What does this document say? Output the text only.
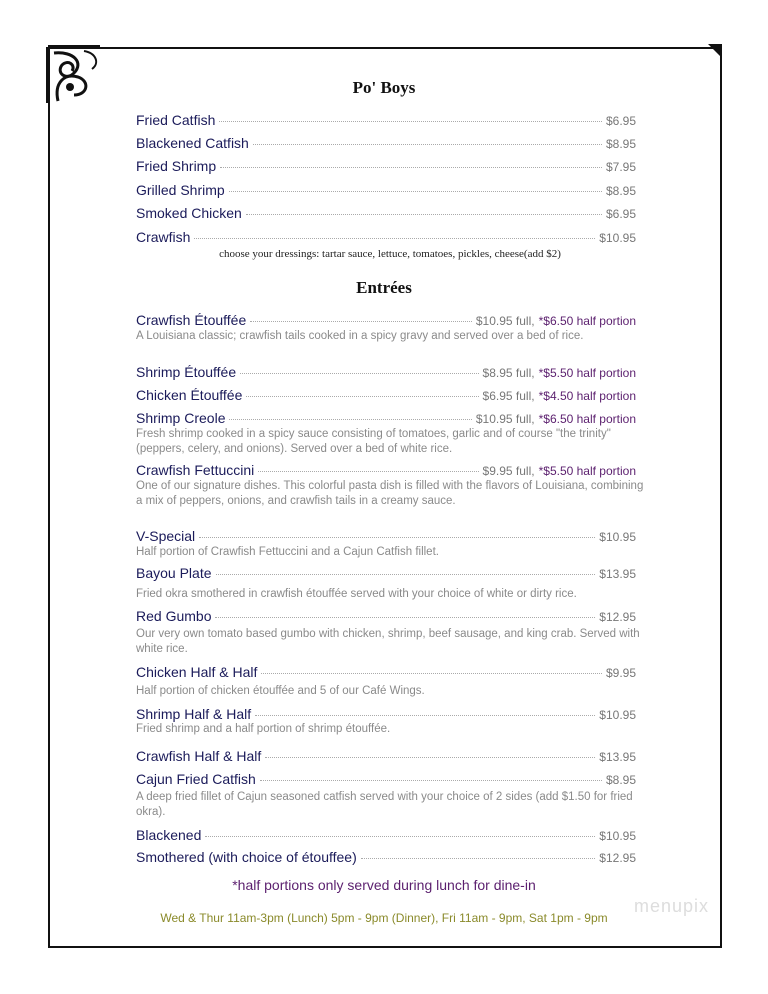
Po' Boys
Fried Catfish	$6.95
Blackened Catfish	$8.95
Fried Shrimp	$7.95
Grilled Shrimp	$8.95
Smoked Chicken	$6.95
Crawfish	$10.95
choose your dressings: tartar sauce, lettuce, tomatoes, pickles, cheese(add $2)
Entrées
Crawfish Étouffée	$10.95 full, *$6.50 half portion
A Louisiana classic; crawfish tails cooked in a spicy gravy and served over a bed of rice.
Shrimp Étouffée	$8.95 full, *$5.50 half portion
Chicken Étouffée	$6.95 full, *$4.50 half portion
Shrimp Creole	$10.95 full, *$6.50 half portion
Fresh shrimp cooked in a spicy sauce consisting of tomatoes, garlic and of course "the trinity" (peppers, celery, and onions). Served over a bed of white rice.
Crawfish Fettuccini	$9.95 full, *$5.50 half portion
One of our signature dishes. This colorful pasta dish is filled with the flavors of Louisiana, combining a mix of peppers, onions, and crawfish tails in a creamy sauce.
V-Special	$10.95
Half portion of Crawfish Fettuccini and a Cajun Catfish fillet.
Bayou Plate	$13.95
Fried okra smothered in crawfish étouffée served with your choice of white or dirty rice.
Red Gumbo	$12.95
Our very own tomato based gumbo with chicken, shrimp, beef sausage, and king crab. Served with white rice.
Chicken Half & Half	$9.95
Half portion of chicken étouffée and 5 of our Café Wings.
Shrimp Half & Half	$10.95
Fried shrimp and a half portion of shrimp étouffée.
Crawfish Half & Half	$13.95
Cajun Fried Catfish	$8.95
A deep fried fillet of Cajun seasoned catfish served with your choice of 2 sides (add $1.50 for fried okra).
Blackened	$10.95
Smothered (with choice of étouffee)	$12.95
*half portions only served during lunch for dine-in
menupix
Wed & Thur 11am-3pm (Lunch) 5pm - 9pm (Dinner), Fri 11am - 9pm, Sat 1pm - 9pm
